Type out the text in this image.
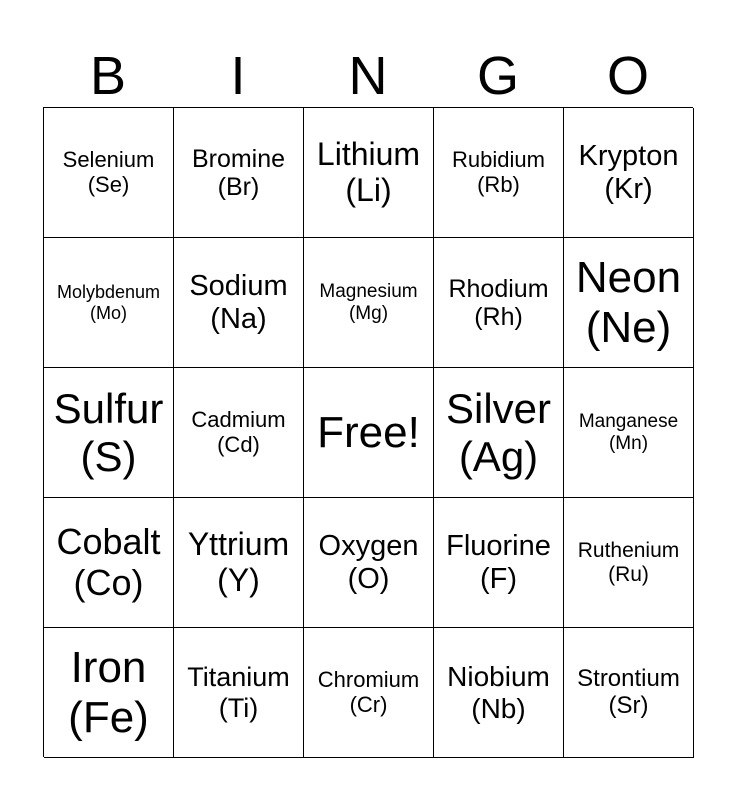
B	I	N	G	O
Selenium
(Se)
Bromine
(Br)
Lithium
(Li)
Rubidium
(Rb)
Krypton
(Kr)
Molybdenum
(Mo)
Sodium
(Na)
Magnesium
(Mg)
Rhodium
(Rh)
Neon
(Ne)
Sulfur
(S)
Cadmium
(Cd) Free! Silver
(Ag)
Manganese
(Mn)
Cobalt
(Co)
Yttrium
(Y)
Oxygen
(O)
Fluorine
(F)
Ruthenium
(Ru)
Iron
(Fe)
Titanium
(Ti)
Chromium
(Cr)
Niobium
(Nb)
Strontium
(Sr)
